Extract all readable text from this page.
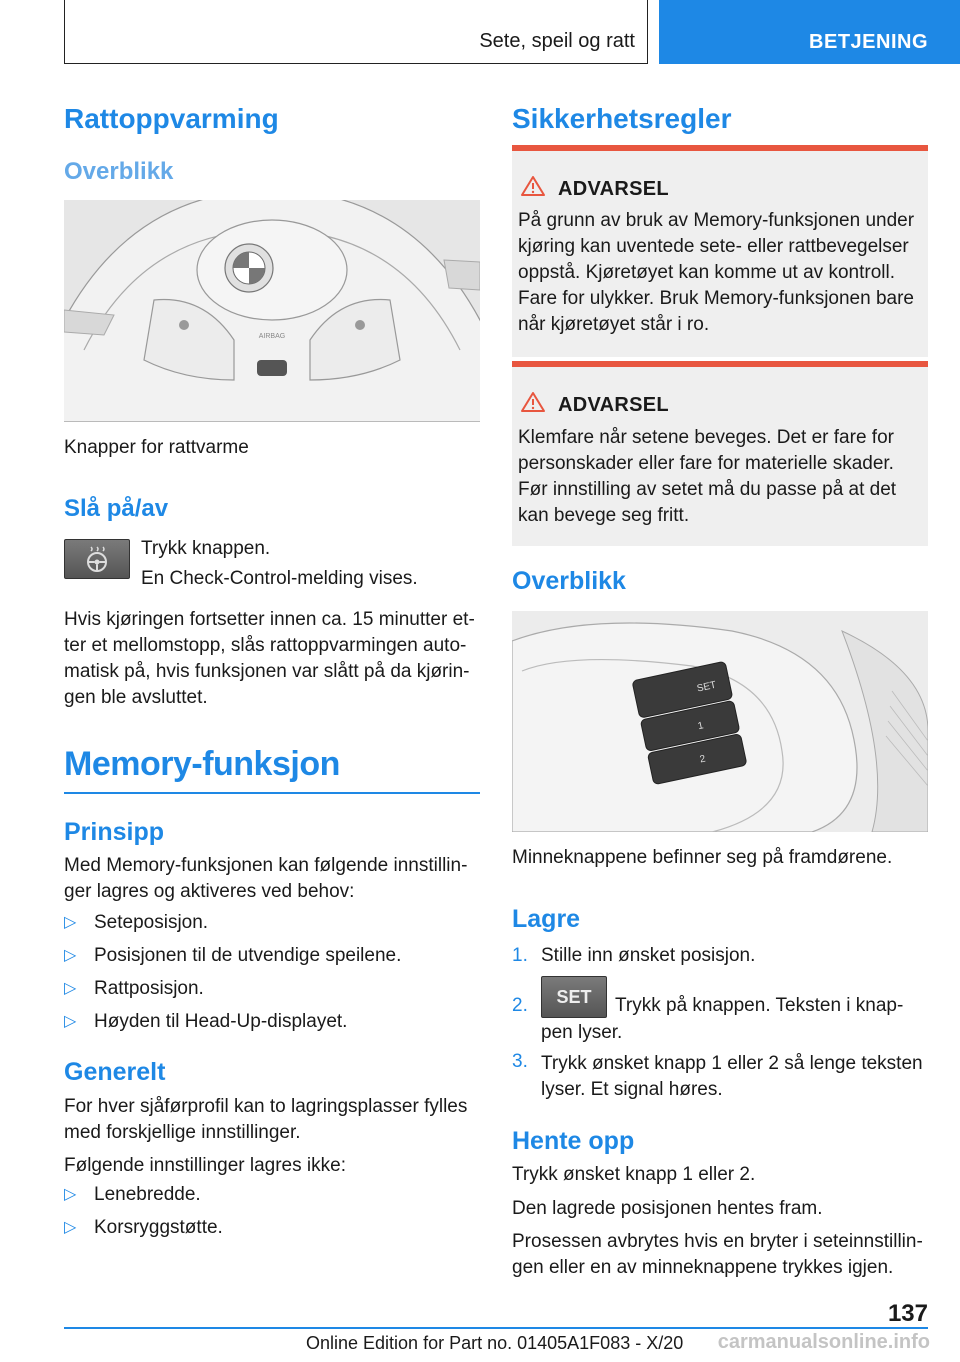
Sete, speil og ratt	BETJENING
Rattoppvarming
Overblikk
AIRBAG
Knapper for rattvarme
Slå på/av
Trykk knappen.
En Check-Control-melding vises.
Hvis kjøringen fortsetter innen ca. 15 minutter et-
ter et mellomstopp, slås rattoppvarmingen auto-
matisk på, hvis funksjonen var slått på da kjørin-
gen ble avsluttet.
Memory-funksjon
Prinsipp
Med Memory-funksjonen kan følgende innstillin-
ger lagres og aktiveres ved behov:
▷ Seteposisjon.
▷ Posisjonen til de utvendige speilene.
▷ Rattposisjon.
▷ Høyden til Head-Up-displayet.
Generelt
For hver sjåførprofil kan to lagringsplasser fylles
med forskjellige innstillinger.
Følgende innstillinger lagres ikke:
▷ Lenebredde.
▷ Korsryggstøtte.
Sikkerhetsregler
ADVARSEL
På grunn av bruk av Memory-funksjonen under
kjøring kan uventede sete- eller rattbevegelser
oppstå. Kjøretøyet kan komme ut av kontroll.
Fare for ulykker. Bruk Memory-funksjonen bare
når kjøretøyet står i ro.
ADVARSEL
Klemfare når setene beveges. Det er fare for
personskader eller fare for materielle skader.
Før innstilling av setet må du passe på at det
kan bevege seg fritt.
Overblikk
SET
1
2
Minneknappene befinner seg på framdørene.
Lagre
1. Stille inn ønsket posisjon.
2. SET Trykk på knappen. Teksten i knap-
pen lyser.
3. Trykk ønsket knapp 1 eller 2 så lenge teksten
lyser. Et signal høres.
Hente opp
Trykk ønsket knapp 1 eller 2.
Den lagrede posisjonen hentes fram.
Prosessen avbrytes hvis en bryter i seteinnstillin-
gen eller en av minneknappene trykkes igjen.
137
Online Edition for Part no. 01405A1F083 - X/20 carmanualsonline.info
